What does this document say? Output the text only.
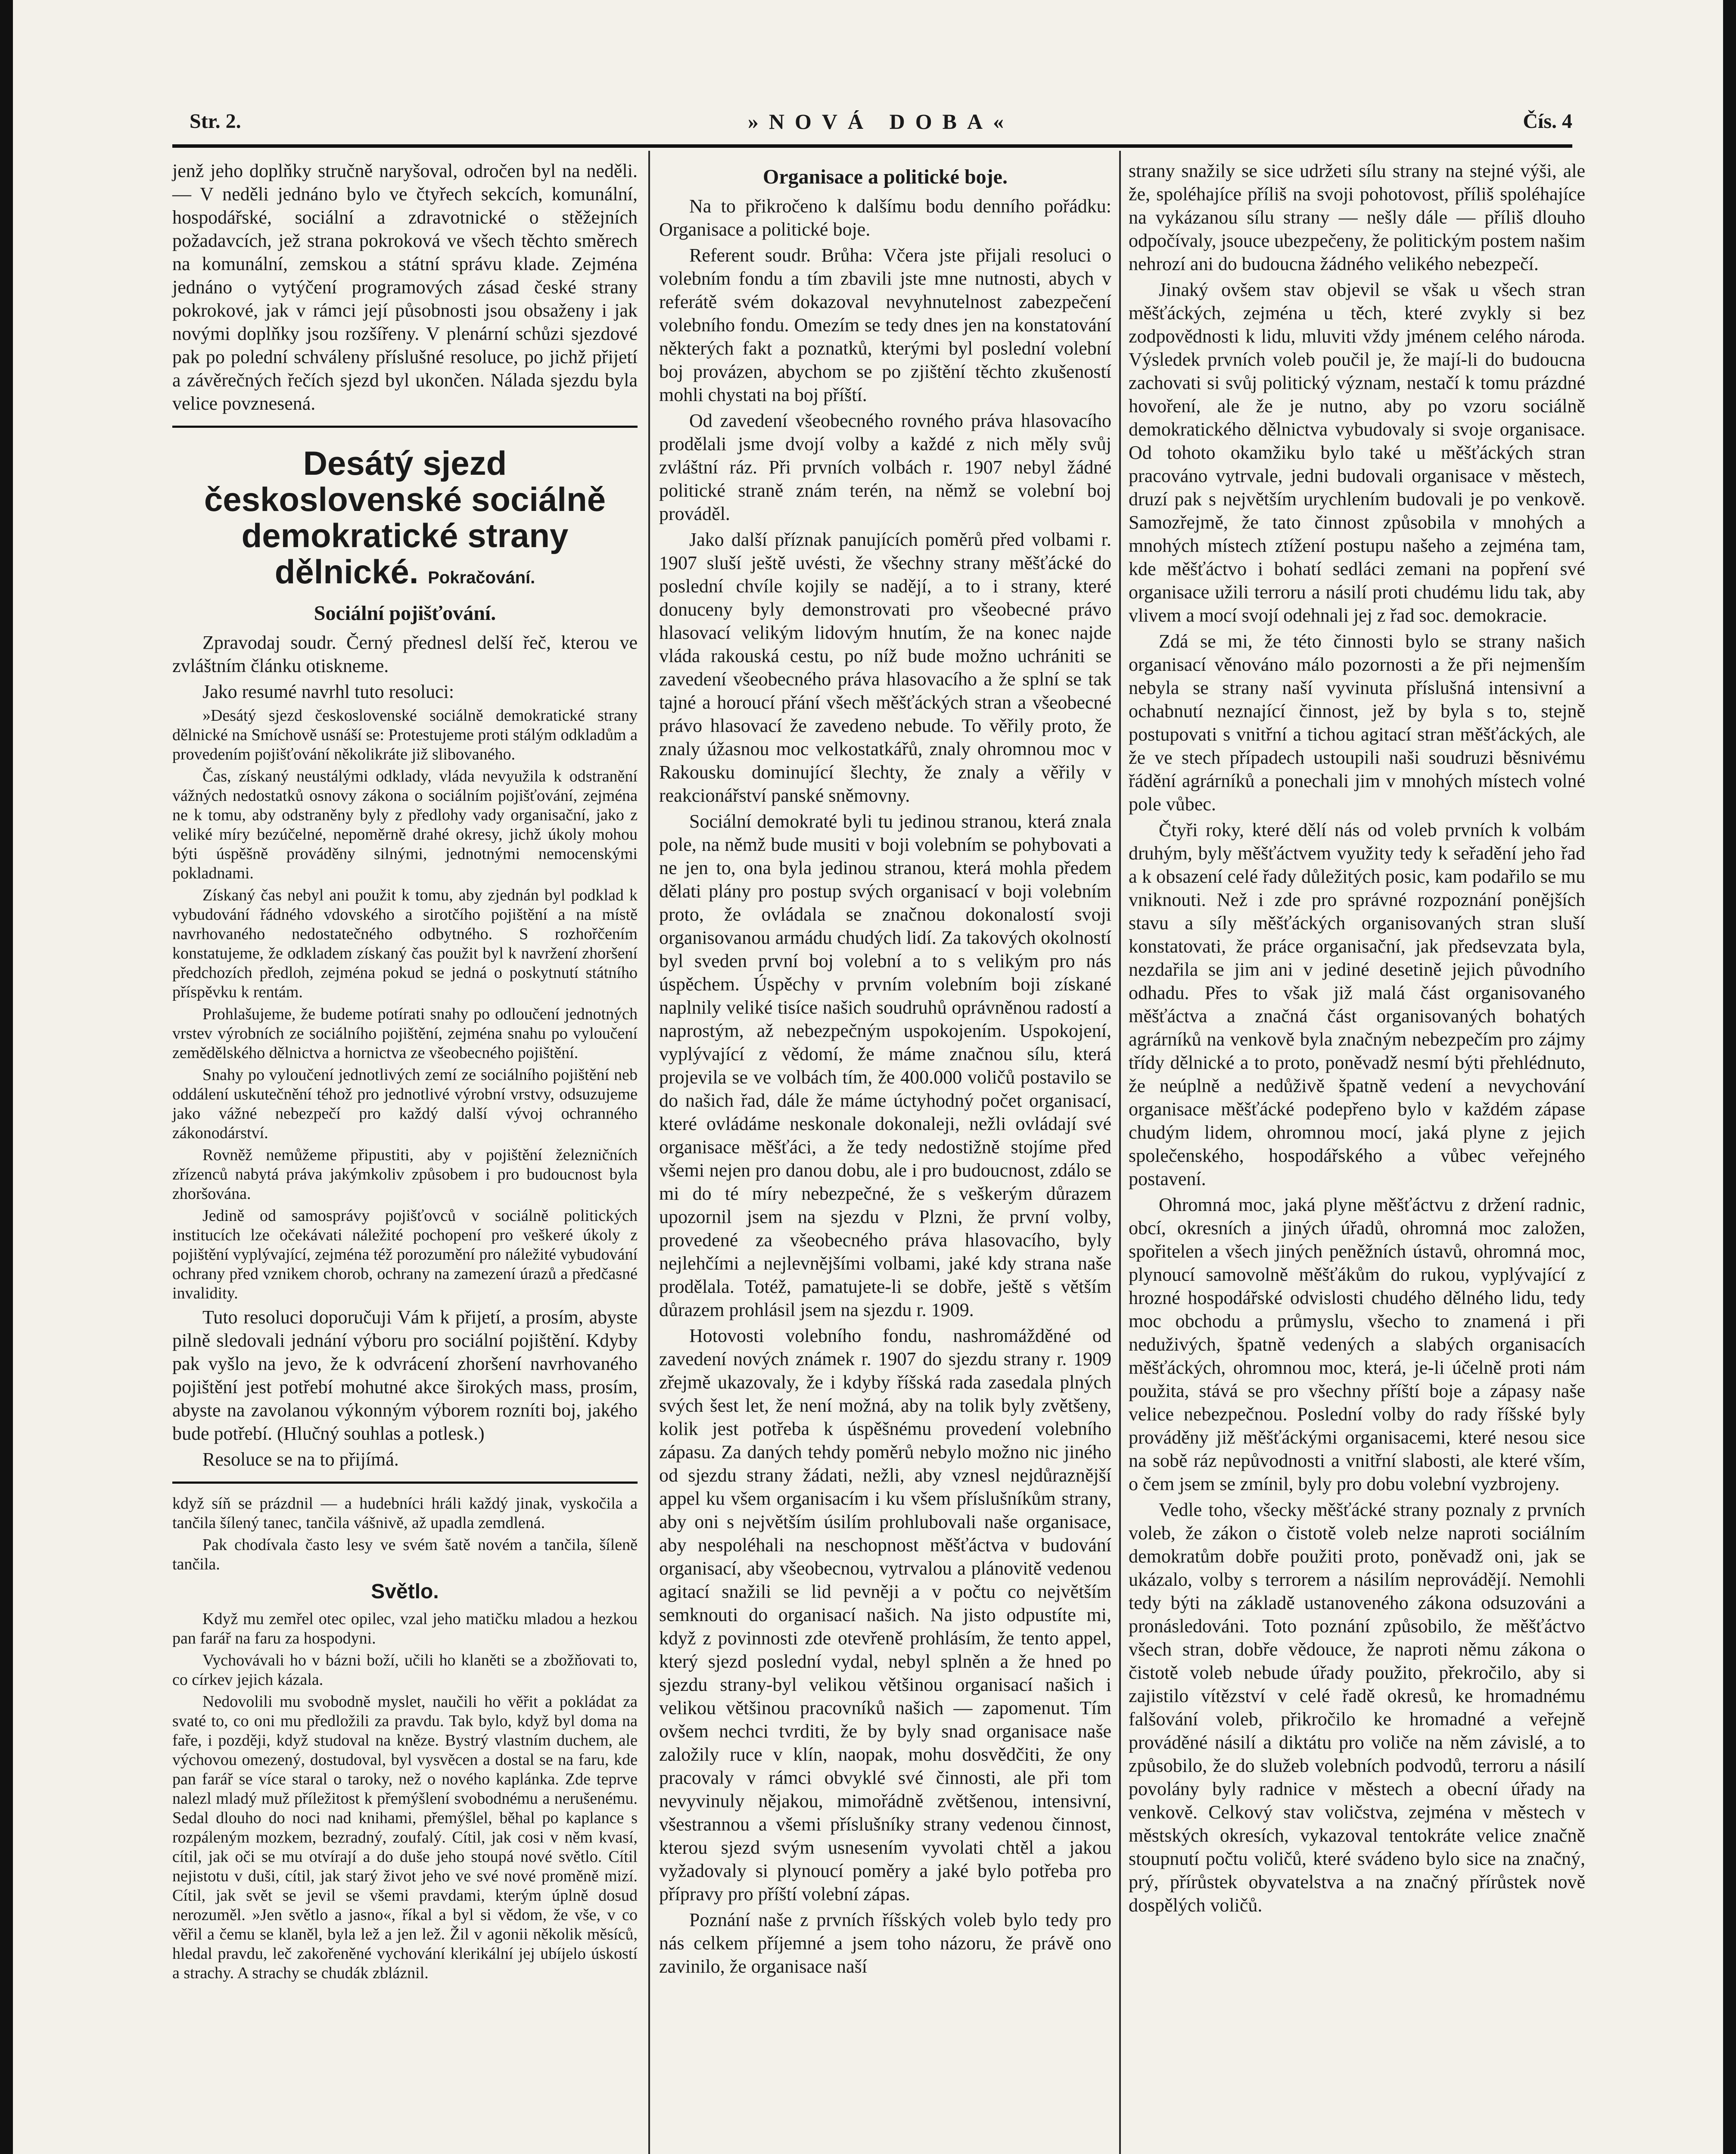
Str. 2.	»NOVÁ DOBA«	Čís. 4

jenž jeho doplňky stručně naryšoval, odročen byl na neděli. — V neděli jednáno bylo ve čtyřech sekcích, komunální, hospodářské, sociální a zdravotnické o stěžejních požadavcích, jež strana pokroková ve všech těchto směrech na komunální, zemskou a státní správu klade. Zejména jednáno o vytýčení programových zásad české strany pokrokové, jak v rámci její působnosti jsou obsaženy i jak novými doplňky jsou rozšířeny. V plenární schůzi sjezdové pak po polední schváleny příslušné resoluce, po jichž přijetí a závěrečných řečích sjezd byl ukončen. Nálada sjezdu byla velice povznesená.

Desátý sjezd československé sociálně demokratické strany dělnické. Pokračování.
Sociální pojišťování.

Zpravodaj soudr. Černý přednesl delší řeč, kterou ve zvláštním článku otiskneme.

Jako resumé navrhl tuto resoluci:

»Desátý sjezd československé sociálně demokratické strany dělnické na Smíchově usnáší se: Protestujeme proti stálým odkladům a provedením pojišťování několikráte již slibovaného.

Čas, získaný neustálými odklady, vláda nevyužila k odstranění vážných nedostatků osnovy zákona o sociálním pojišťování, zejména ne k tomu, aby odstraněny byly z předlohy vady organisační, jako z veliké míry bezúčelné, nepoměrně drahé okresy, jichž úkoly mohou býti úspěšně prováděny silnými, jednotnými nemocenskými pokladnami.

Získaný čas nebyl ani použit k tomu, aby zjednán byl podklad k vybudování řádného vdovského a sirotčího pojištění a na místě navrhovaného nedostatečného odbytného. S rozhořčením konstatujeme, že odkladem získaný čas použit byl k navržení zhoršení předchozích předloh, zejména pokud se jedná o poskytnutí státního příspěvku k rentám.

Prohlašujeme, že budeme potírati snahy po odloučení jednotných vrstev výrobních ze sociálního pojištění, zejména snahu po vyloučení zemědělského dělnictva a hornictva ze všeobecného pojištění.

Snahy po vyloučení jednotlivých zemí ze sociálního pojištění neb oddálení uskutečnění téhož pro jednotlivé výrobní vrstvy, odsuzujeme jako vážné nebezpečí pro každý další vývoj ochranného zákonodárství.

Rovněž nemůžeme připustiti, aby v pojištění železničních zřízenců nabytá práva jakýmkoliv způsobem i pro budoucnost byla zhoršována.

Jedině od samosprávy pojišťovců v sociálně politických institucích lze očekávati náležité pochopení pro veškeré úkoly z pojištění vyplývající, zejména též porozumění pro náležité vybudování ochrany před vznikem chorob, ochrany na zamezení úrazů a předčasné invalidity.

Tuto resoluci doporučuji Vám k přijetí, a prosím, abyste pilně sledovali jednání výboru pro sociální pojištění. Kdyby pak vyšlo na jevo, že k odvrácení zhoršení navrhovaného pojištění jest potřebí mohutné akce širokých mass, prosím, abyste na zavolanou výkonným výborem rozníti boj, jakého bude potřebí. (Hlučný souhlas a potlesk.)

Resoluce se na to přijímá.

když síň se prázdnil — a hudebníci hráli každý jinak, vyskočila a tančila šílený tanec, tančila vášnivě, až upadla zemdlená.

Pak chodívala často lesy ve svém šatě novém a tančila, šíleně tančila.

Světlo.

Když mu zemřel otec opilec, vzal jeho matičku mladou a hezkou pan farář na faru za hospodyni.

Vychovávali ho v bázni boží, učili ho klaněti se a zbožňovati to, co církev jejich kázala.

Nedovolili mu svobodně myslet, naučili ho věřit a pokládat za svaté to, co oni mu předložili za pravdu. Tak bylo, když byl doma na faře, i později, když studoval na kněze. Bystrý vlastním duchem, ale výchovou omezený, dostudoval, byl vysvěcen a dostal se na faru, kde pan farář se více staral o taroky, než o nového kaplánka. Zde teprve nalezl mladý muž příležitost k přemýšlení svobodnému a nerušenému. Sedal dlouho do noci nad knihami, přemýšlel, běhal po kaplance s rozpáleným mozkem, bezradný, zoufalý. Cítil, jak cosi v něm kvasí, cítil, jak oči se mu otvírají a do duše jeho stoupá nové světlo. Cítil nejistotu v duši, cítil, jak starý život jeho ve své nové proměně mizí. Cítil, jak svět se jevil se všemi pravdami, kterým úplně dosud nerozuměl. »Jen světlo a jasno«, říkal a byl si vědom, že vše, v co věřil a čemu se klaněl, byla lež a jen lež. Žil v agonii několik měsíců, hledal pravdu, leč zakořeněné vychování klerikální jej ubíjelo úskostí a strachy. A strachy se chudák zbláznil.

Organisace a politické boje.

Na to přikročeno k dalšímu bodu denního pořádku: Organisace a politické boje.

Referent soudr. Brůha: Včera jste přijali resoluci o volebním fondu a tím zbavili jste mne nutnosti, abych v referátě svém dokazoval nevyhnutelnost zabezpečení volebního fondu. Omezím se tedy dnes jen na konstatování některých fakt a poznatků, kterými byl poslední volební boj provázen, abychom se po zjištění těchto zkušeností mohli chystati na boj příští.

Od zavedení všeobecného rovného práva hlasovacího prodělali jsme dvojí volby a každé z nich měly svůj zvláštní ráz. Při prvních volbách r. 1907 nebyl žádné politické straně znám terén, na němž se volební boj prováděl.

Jako další příznak panujících poměrů před volbami r. 1907 sluší ještě uvésti, že všechny strany měšťácké do poslední chvíle kojily se nadějí, a to i strany, které donuceny byly demonstrovati pro všeobecné právo hlasovací velikým lidovým hnutím, že na konec najde vláda rakouská cestu, po níž bude možno uchrániti se zavedení všeobecného práva hlasovacího a že splní se tak tajné a horoucí přání všech měšťáckých stran a všeobecné právo hlasovací že zavedeno nebude. To věřily proto, že znaly úžasnou moc velkostatkářů, znaly ohromnou moc v Rakousku dominující šlechty, že znaly a věřily v reakcionářství panské sněmovny.

Sociální demokraté byli tu jedinou stranou, která znala pole, na němž bude musiti v boji volebním se pohybovati a ne jen to, ona byla jedinou stranou, která mohla předem dělati plány pro postup svých organisací v boji volebním proto, že ovládala se značnou dokonalostí svoji organisovanou armádu chudých lidí. Za takových okolností byl sveden první boj volební a to s velikým pro nás úspěchem. Úspěchy v prvním volebním boji získané naplnily veliké tisíce našich soudruhů oprávněnou radostí a naprostým, až nebezpečným uspokojením. Uspokojení, vyplývající z vědomí, že máme značnou sílu, která projevila se ve volbách tím, že 400.000 voličů postavilo se do našich řad, dále že máme úctyhodný počet organisací, které ovládáme neskonale dokonaleji, nežli ovládají své organisace měšťáci, a že tedy nedostižně stojíme před všemi nejen pro danou dobu, ale i pro budoucnost, zdálo se mi do té míry nebezpečné, že s veškerým důrazem upozornil jsem na sjezdu v Plzni, že první volby, provedené za všeobecného práva hlasovacího, byly nejlehčími a nejlevnějšími volbami, jaké kdy strana naše prodělala. Totéž, pamatujete-li se dobře, ještě s větším důrazem prohlásil jsem na sjezdu r. 1909.

Hotovosti volebního fondu, nashromážděné od zavedení nových známek r. 1907 do sjezdu strany r. 1909 zřejmě ukazovaly, že i kdyby říšská rada zasedala plných svých šest let, že není možná, aby na tolik byly zvětšeny, kolik jest potřeba k úspěšnému provedení volebního zápasu. Za daných tehdy poměrů nebylo možno nic jiného od sjezdu strany žádati, nežli, aby vznesl nejdůraznější appel ku všem organisacím i ku všem příslušníkům strany, aby oni s největším úsilím prohlubovali naše organisace, aby nespoléhali na neschopnost měšťáctva v budování organisací, aby všeobecnou, vytrvalou a plánovitě vedenou agitací snažili se lid pevněji a v počtu co největším semknouti do organisací našich. Na jisto odpustíte mi, když z povinnosti zde otevřeně prohlásím, že tento appel, který sjezd poslední vydal, nebyl splněn a že hned po sjezdu strany-byl velikou většinou organisací našich i velikou většinou pracovníků našich — zapomenut. Tím ovšem nechci tvrditi, že by byly snad organisace naše založily ruce v klín, naopak, mohu dosvědčiti, že ony pracovaly v rámci obvyklé své činnosti, ale při tom nevyvinuly nějakou, mimořádně zvětšenou, intensivní, všestrannou a všemi příslušníky strany vedenou činnost, kterou sjezd svým usnesením vyvolati chtěl a jakou vyžadovaly si plynoucí poměry a jaké bylo potřeba pro přípravy pro příští volební zápas.

Poznání naše z prvních říšských voleb bylo tedy pro nás celkem příjemné a jsem toho názoru, že právě ono zavinilo, že organisace naší

strany snažily se sice udržeti sílu strany na stejné výši, ale že, spoléhajíce příliš na svoji pohotovost, příliš spoléhajíce na vykázanou sílu strany — nešly dále — příliš dlouho odpočívaly, jsouce ubezpečeny, že politickým postem našim nehrozí ani do budoucna žádného velikého nebezpečí.

Jinaký ovšem stav objevil se však u všech stran měšťáckých, zejména u těch, které zvykly si bez zodpovědnosti k lidu, mluviti vždy jménem celého národa. Výsledek prvních voleb poučil je, že mají-li do budoucna zachovati si svůj politický význam, nestačí k tomu prázdné hovoření, ale že je nutno, aby po vzoru sociálně demokratického dělnictva vybudovaly si svoje organisace. Od tohoto okamžiku bylo také u měšťáckých stran pracováno vytrvale, jedni budovali organisace v městech, druzí pak s největším urychlením budovali je po venkově. Samozřejmě, že tato činnost způsobila v mnohých a mnohých místech ztížení postupu našeho a zejména tam, kde měšťáctvo i bohatí sedláci zemani na popření své organisace užili terroru a násilí proti chudému lidu tak, aby vlivem a mocí svojí odehnali jej z řad soc. demokracie.

Zdá se mi, že této činnosti bylo se strany našich organisací věnováno málo pozornosti a že při nejmenším nebyla se strany naší vyvinuta příslušná intensivní a ochabnutí neznající činnost, jež by byla s to, stejně postupovati s vnitřní a tichou agitací stran měšťáckých, ale že ve stech případech ustoupili naši soudruzi běsnivému řádění agrárníků a ponechali jim v mnohých místech volné pole vůbec.

Čtyři roky, které dělí nás od voleb prvních k volbám druhým, byly měšťáctvem využity tedy k seřadění jeho řad a k obsazení celé řady důležitých posic, kam podařilo se mu vniknouti. Než i zde pro správné rozpoznání ponějších stavu a síly měšťáckých organisovaných stran sluší konstatovati, že práce organisační, jak předsevzata byla, nezdařila se jim ani v jediné desetině jejich původního odhadu. Přes to však již malá část organisovaného měšťáctva a značná část organisovaných bohatých agrárníků na venkově byla značným nebezpečím pro zájmy třídy dělnické a to proto, poněvadž nesmí býti přehlédnuto, že neúplně a nedůživě špatně vedení a nevychování organisace měšťácké podepřeno bylo v každém zápase chudým lidem, ohromnou mocí, jaká plyne z jejich společenského, hospodářského a vůbec veřejného postavení.

Ohromná moc, jaká plyne měšťáctvu z držení radnic, obcí, okresních a jiných úřadů, ohromná moc založen, spořitelen a všech jiných peněžních ústavů, ohromná moc, plynoucí samovolně měšťákům do rukou, vyplývající z hrozné hospodářské odvislosti chudého dělného lidu, tedy moc obchodu a průmyslu, všecho to znamená i při neduživých, špatně vedených a slabých organisacích měšťáckých, ohromnou moc, která, je-li účelně proti nám použita, stává se pro všechny příští boje a zápasy naše velice nebezpečnou. Poslední volby do rady říšské byly prováděny již měšťáckými organisacemi, které nesou sice na sobě ráz nepůvodnosti a vnitřní slabosti, ale které vším, o čem jsem se zmínil, byly pro dobu volební vyzbrojeny.

Vedle toho, všecky měšťácké strany poznaly z prvních voleb, že zákon o čistotě voleb nelze naproti sociálním demokratům dobře použiti proto, poněvadž oni, jak se ukázalo, volby s terrorem a násilím neprovádějí. Nemohli tedy býti na základě ustanoveného zákona odsuzováni a pronásledováni. Toto poznání způsobilo, že měšťáctvo všech stran, dobře vědouce, že naproti němu zákona o čistotě voleb nebude úřady použito, překročilo, aby si zajistilo vítězství v celé řadě okresů, ke hromadnému falšování voleb, přikročilo ke hromadné a veřejně prováděné násilí a diktátu pro voliče na něm závislé, a to způsobilo, že do služeb volebních podvodů, terroru a násilí povolány byly radnice v městech a obecní úřady na venkově. Celkový stav voličstva, zejména v městech v městských okresích, vykazoval tentokráte velice značně stoupnutí počtu voličů, které svádeno bylo sice na značný, prý, přírůstek obyvatelstva a na značný přírůstek nově dospělých voličů.
